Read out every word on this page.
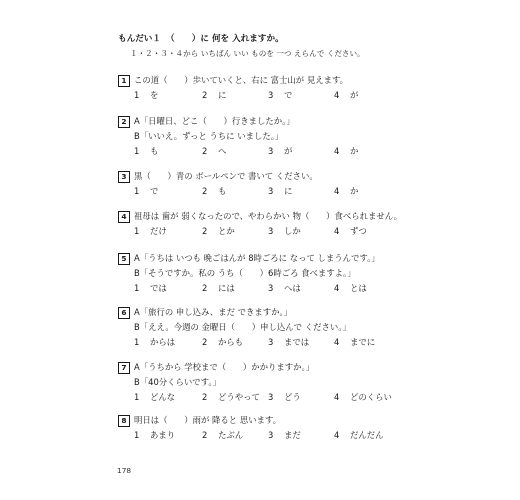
もんだい１ （　　）に 何を 入れますか。
１・２・３・４から いちばん いい ものを 一つ えらんで ください。
1 この道（　　）歩いていくと、右に 富士山が 見えます。
1 を	2 に	3 で	4 が
2 A「日曜日、どこ（　　）行きましたか。」
B「いいえ。ずっと うちに いました。」
1 も	2 へ	3 が	4 か
3 黒（　　）青の ボールペンで 書いて ください。
1 で	2 も	3 に	4 か
4 祖母は 歯が 弱くなったので、やわらかい 物（　　）食べられません。
1 だけ	2 とか	3 しか	4 ずつ
5 A「うちは いつも 晩ごはんが 8時ごろに なって しまうんです。」
B「そうですか。私の うち（　　）6時ごろ 食べますよ。」
1 では	2 には	3 へは	4 とは
6 A「旅行の 申し込み、まだ できますか。」
B「ええ。今週の 金曜日（　　）申し込んで ください。」
1 からは	2 からも	3 までは	4 までに
7 A「うちから 学校まで（　　）かかりますか。」
B「40分くらいです。」
1 どんな	2 どうやって 3 どう	4 どのくらい
8 明日は（　　）雨が 降ると 思います。
1 あまり	2 たぶん	3 まだ	4 だんだん
178
